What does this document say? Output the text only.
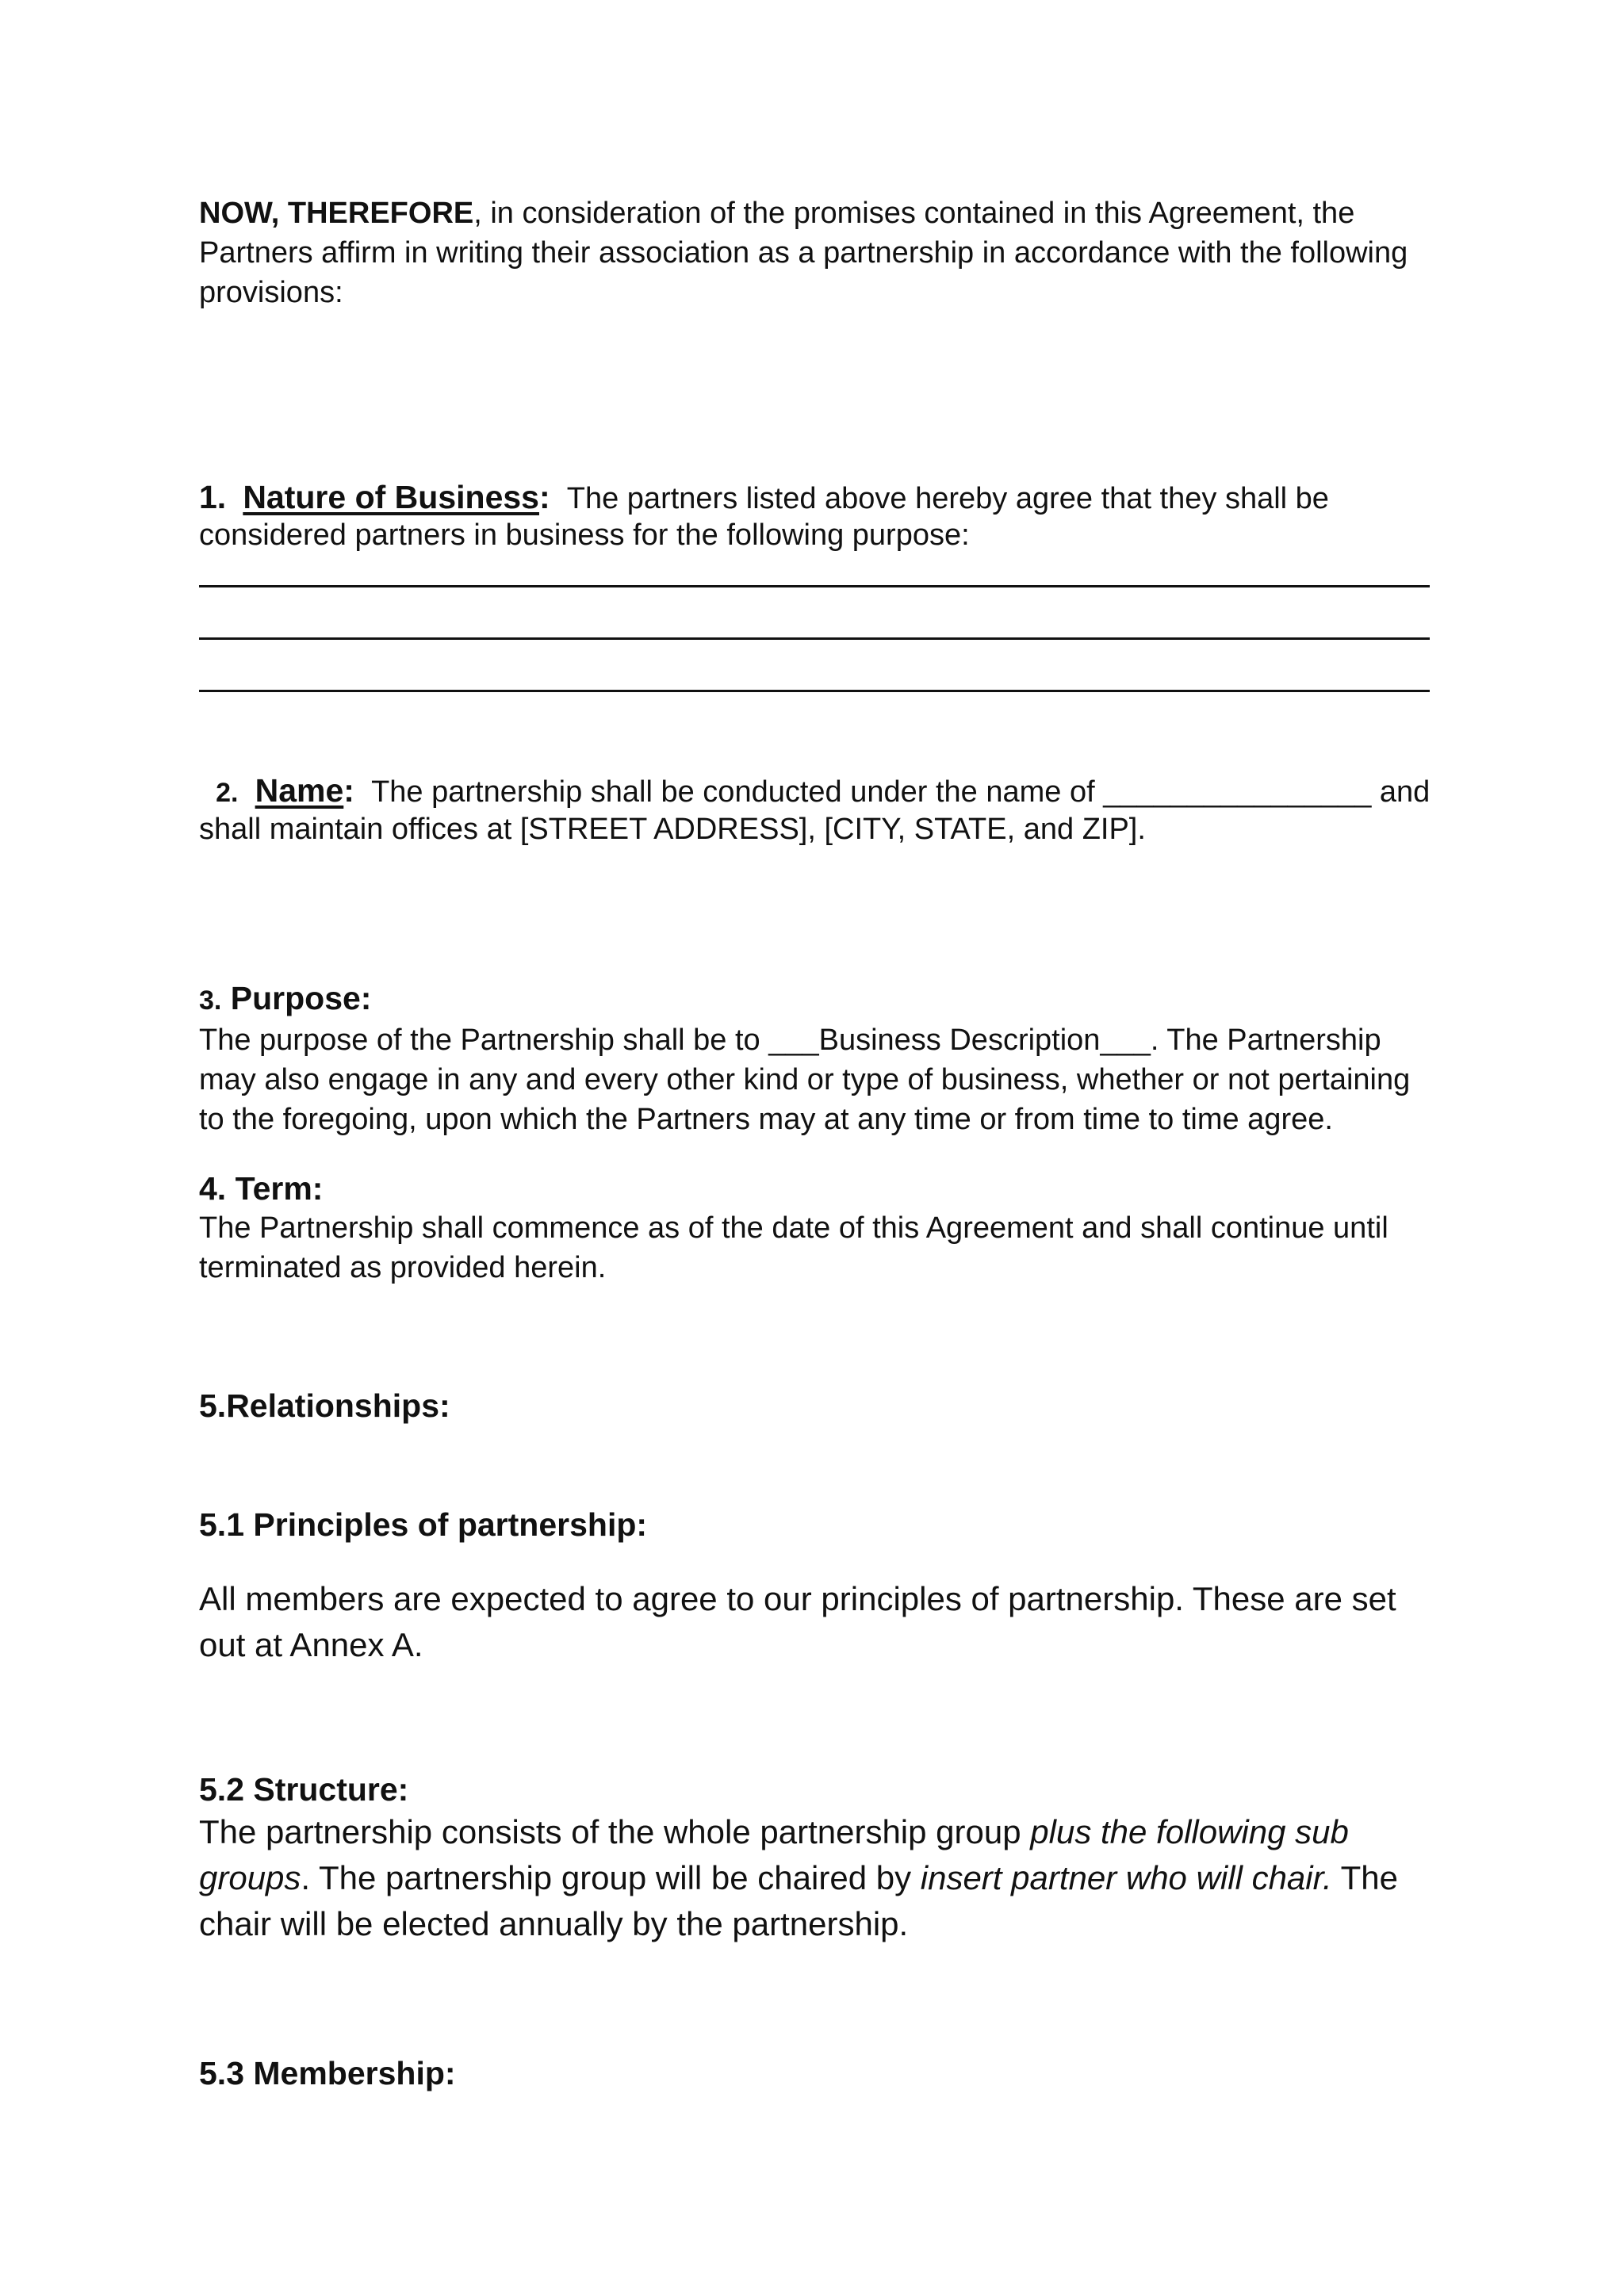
NOW, THEREFORE, in consideration of the promises contained in this Agreement, the Partners affirm in writing their association as a partnership in accordance with the following provisions:

1. Nature of Business: The partners listed above hereby agree that they shall be considered partners in business for the following purpose:

2. Name: The partnership shall be conducted under the name of ________________ and

shall maintain offices at [STREET ADDRESS], [CITY, STATE, and ZIP].

3. Purpose:

The purpose of the Partnership shall be to ___Business Description___. The Partnership may also engage in any and every other kind or type of business, whether or not pertaining to the foregoing, upon which the Partners may at any time or from time to time agree.

4. Term:

The Partnership shall commence as of the date of this Agreement and shall continue until terminated as provided herein.

5.Relationships:

5.1 Principles of partnership:

All members are expected to agree to our principles of partnership. These are set out at Annex A.

5.2 Structure:

The partnership consists of the whole partnership group plus the following sub groups. The partnership group will be chaired by insert partner who will chair. The chair will be elected annually by the partnership.

5.3 Membership:
